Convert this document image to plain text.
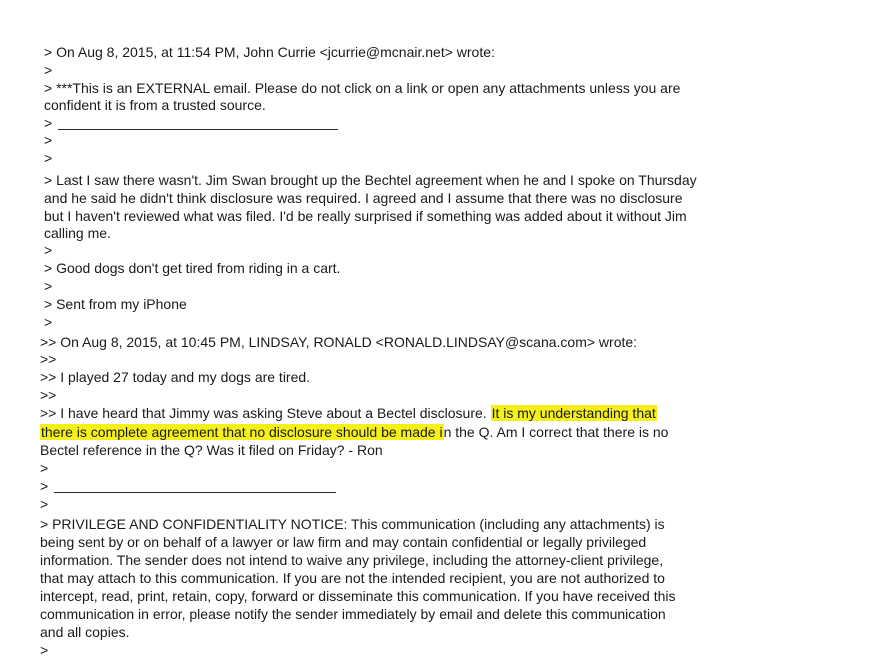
> On Aug 8, 2015, at 11:54 PM, John Currie <jcurrie@mcnair.net> wrote:
>
> ***This is an EXTERNAL email. Please do not click on a link or open any attachments unless you are
confident it is from a trusted source.
>
>
>
> Last I saw there wasn't. Jim Swan brought up the Bechtel agreement when he and I spoke on Thursday
and he said he didn't think disclosure was required. I agreed and I assume that there was no disclosure
but I haven't reviewed what was filed. I'd be really surprised if something was added about it without Jim
calling me.
>
> Good dogs don't get tired from riding in a cart.
>
> Sent from my iPhone
>
>> On Aug 8, 2015, at 10:45 PM, LINDSAY, RONALD <RONALD.LINDSAY@scana.com> wrote:
>>
>> I played 27 today and my dogs are tired.
>>
>> I have heard that Jimmy was asking Steve about a Bectel disclosure. It is my understanding that
there is complete agreement that no disclosure should be made in the Q. Am I correct that there is no
Bectel reference in the Q? Was it filed on Friday? - Ron
>
>
>
> PRIVILEGE AND CONFIDENTIALITY NOTICE: This communication (including any attachments) is
being sent by or on behalf of a lawyer or law firm and may contain confidential or legally privileged
information. The sender does not intend to waive any privilege, including the attorney-client privilege,
that may attach to this communication. If you are not the intended recipient, you are not authorized to
intercept, read, print, retain, copy, forward or disseminate this communication. If you have received this
communication in error, please notify the sender immediately by email and delete this communication
and all copies.
>
